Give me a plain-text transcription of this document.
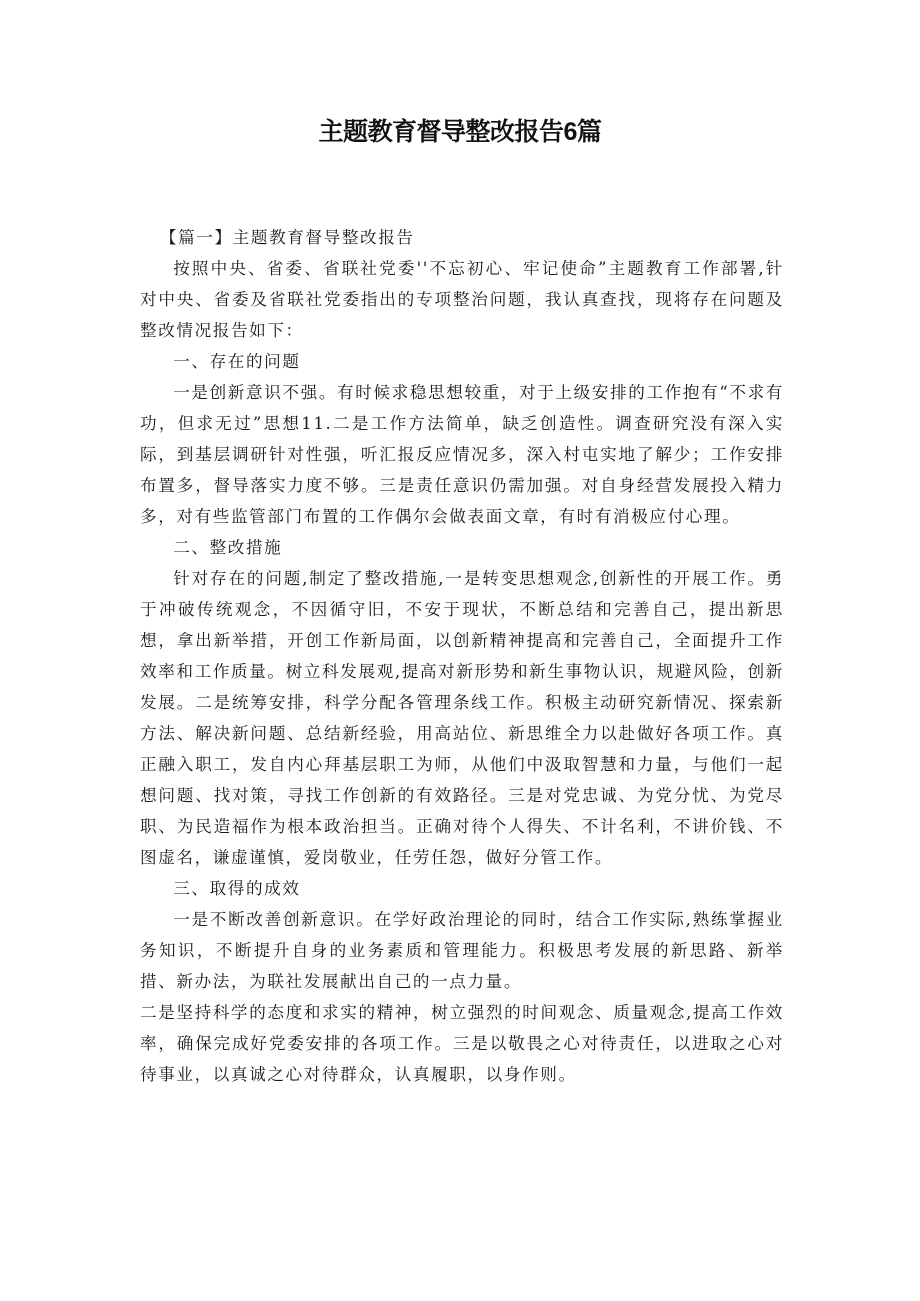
主题教育督导整改报告6篇

【篇一】主题教育督导整改报告

按照中央、省委、省联社党委''不忘初心、牢记使命”主题教育工作部署,针对中央、省委及省联社党委指出的专项整治问题，我认真查找，现将存在问题及整改情况报告如下：

一、存在的问题

一是创新意识不强。有时候求稳思想较重，对于上级安排的工作抱有“不求有功，但求无过”思想11.二是工作方法简单，缺乏创造性。调查研究没有深入实际，到基层调研针对性强，听汇报反应情况多，深入村屯实地了解少；工作安排布置多，督导落实力度不够。三是责任意识仍需加强。对自身经营发展投入精力多，对有些监管部门布置的工作偶尔会做表面文章，有时有消极应付心理。

二、整改措施

针对存在的问题,制定了整改措施,一是转变思想观念,创新性的开展工作。勇于冲破传统观念，不因循守旧，不安于现状，不断总结和完善自己，提出新思想，拿出新举措，开创工作新局面，以创新精神提高和完善自己，全面提升工作效率和工作质量。树立科发展观,提高对新形势和新生事物认识，规避风险，创新发展。二是统筹安排，科学分配各管理条线工作。积极主动研究新情况、探索新方法、解决新问题、总结新经验，用高站位、新思维全力以赴做好各项工作。真正融入职工，发自内心拜基层职工为师，从他们中汲取智慧和力量，与他们一起想问题、找对策，寻找工作创新的有效路径。三是对党忠诚、为党分忧、为党尽职、为民造福作为根本政治担当。正确对待个人得失、不计名利，不讲价钱、不图虚名，谦虚谨慎，爱岗敬业，任劳任怨，做好分管工作。

三、取得的成效

一是不断改善创新意识。在学好政治理论的同时，结合工作实际,熟练掌握业务知识，不断提升自身的业务素质和管理能力。积极思考发展的新思路、新举措、新办法，为联社发展献出自己的一点力量。

二是坚持科学的态度和求实的精神，树立强烈的时间观念、质量观念,提高工作效率，确保完成好党委安排的各项工作。三是以敬畏之心对待责任，以进取之心对待事业，以真诚之心对待群众，认真履职，以身作则。
